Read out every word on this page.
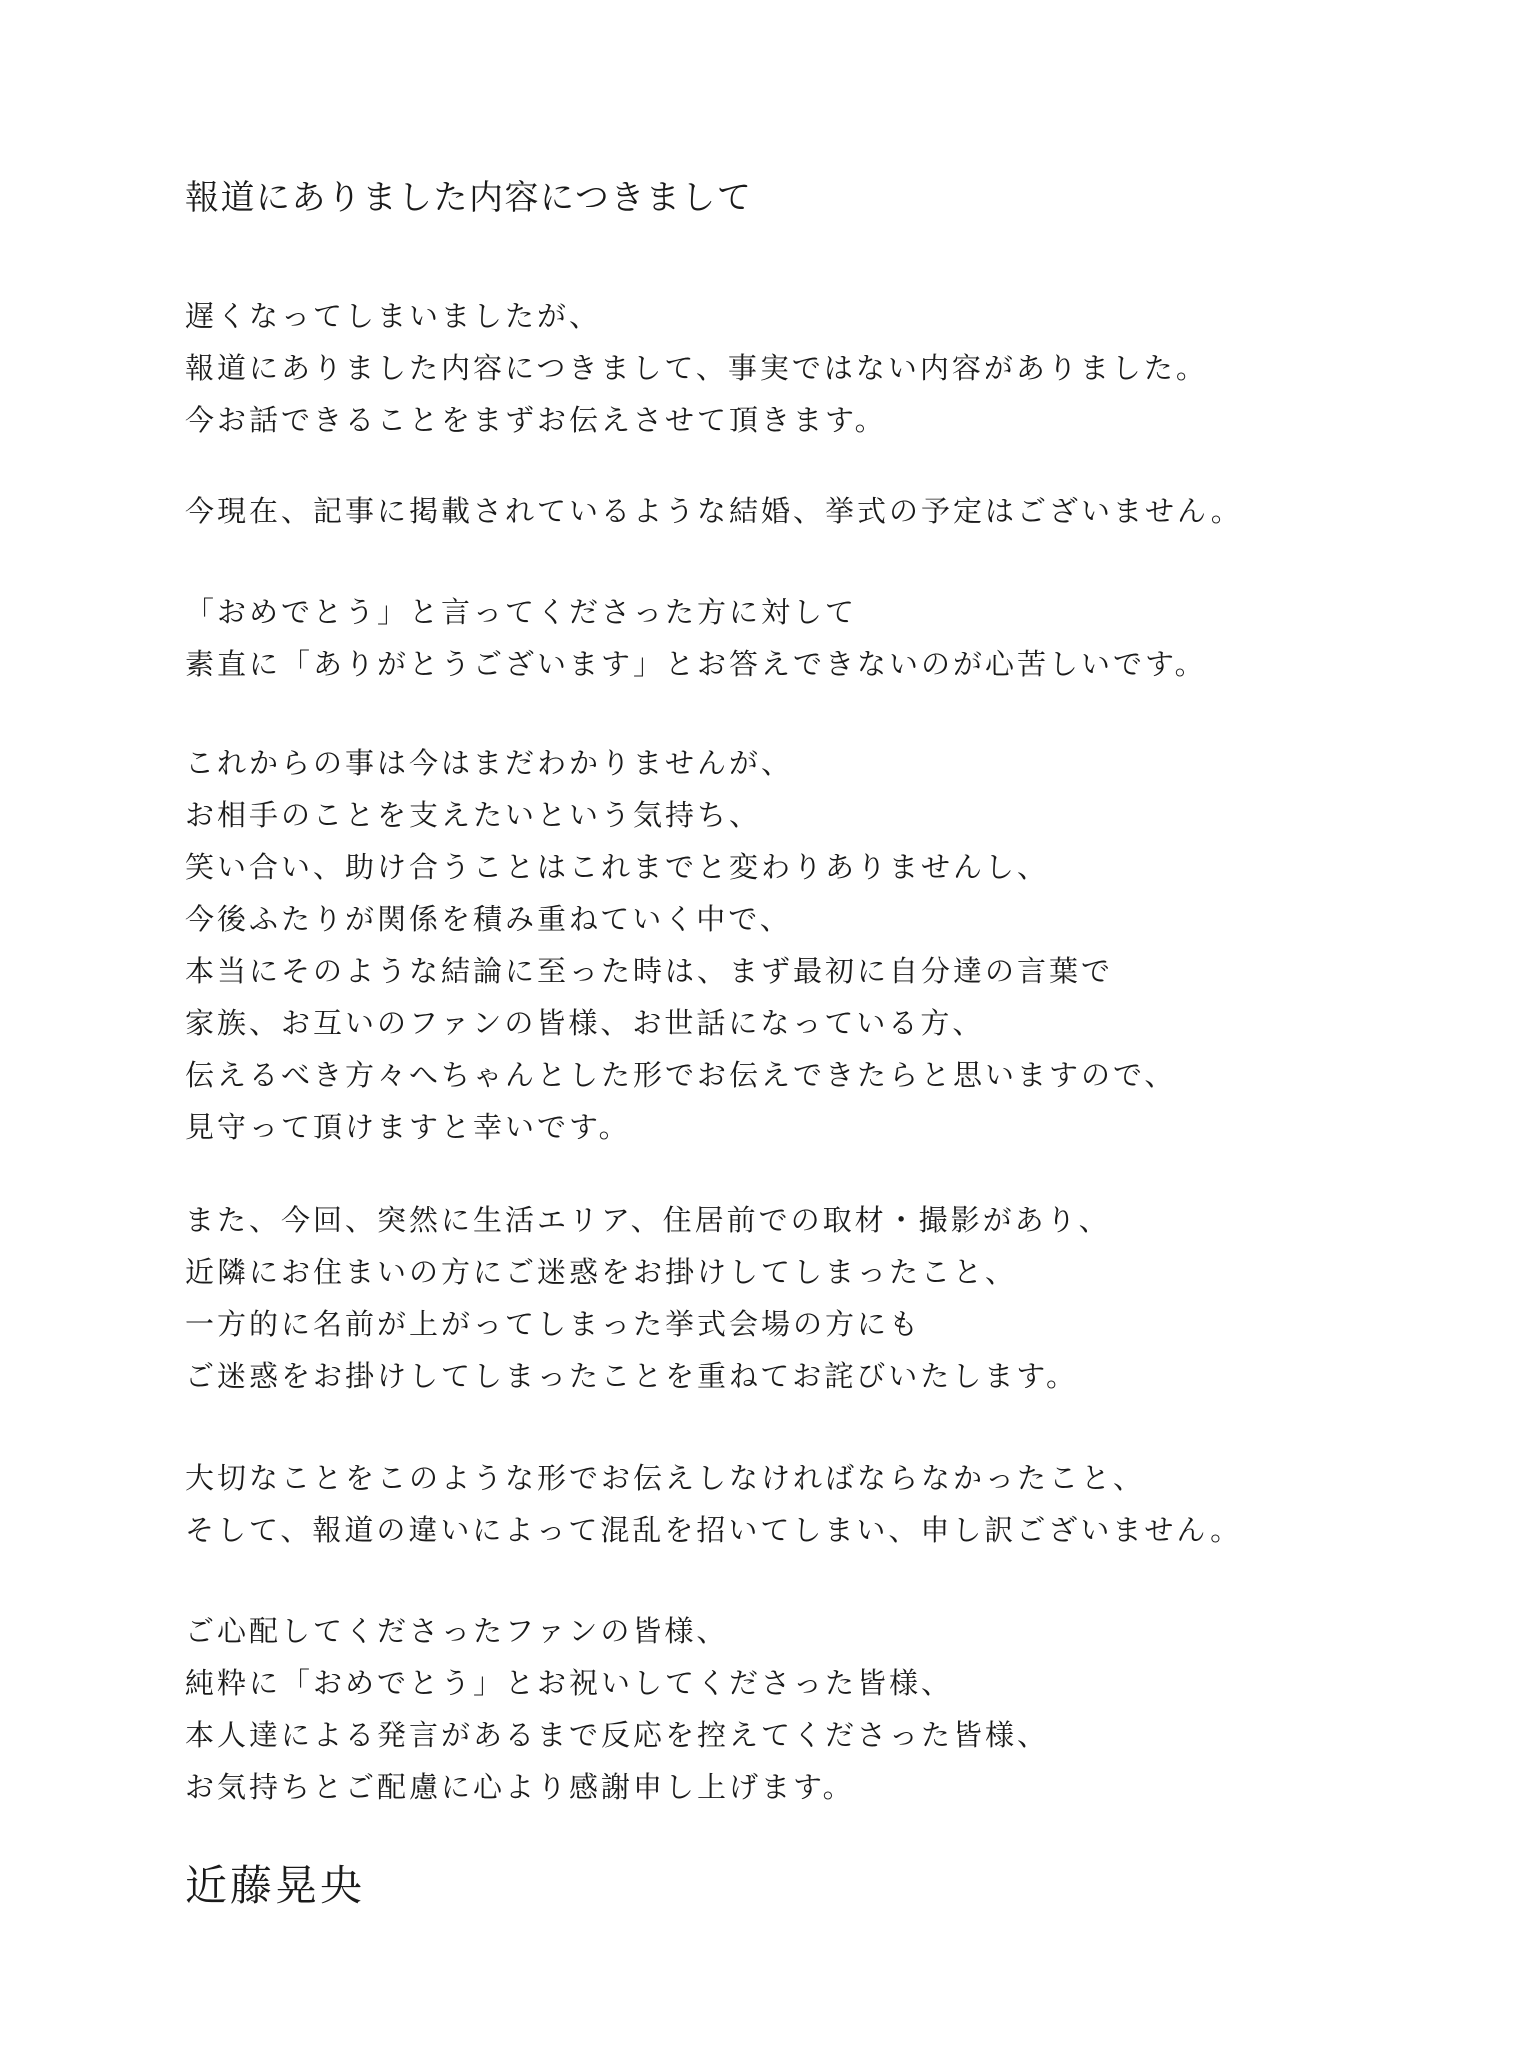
報道にありました内容につきまして
遅くなってしまいましたが、
報道にありました内容につきまして、事実ではない内容がありました。
今お話できることをまずお伝えさせて頂きます。
今現在、記事に掲載されているような結婚、挙式の予定はございません。
「おめでとう」と言ってくださった方に対して
素直に「ありがとうございます」とお答えできないのが心苦しいです。
これからの事は今はまだわかりませんが、
お相手のことを支えたいという気持ち、
笑い合い、助け合うことはこれまでと変わりありませんし、
今後ふたりが関係を積み重ねていく中で、
本当にそのような結論に至った時は、まず最初に自分達の言葉で
家族、お互いのファンの皆様、お世話になっている方、
伝えるべき方々へちゃんとした形でお伝えできたらと思いますので、
見守って頂けますと幸いです。
また、今回、突然に生活エリア、住居前での取材・撮影があり、
近隣にお住まいの方にご迷惑をお掛けしてしまったこと、
一方的に名前が上がってしまった挙式会場の方にも
ご迷惑をお掛けしてしまったことを重ねてお詫びいたします。
大切なことをこのような形でお伝えしなければならなかったこと、
そして、報道の違いによって混乱を招いてしまい、申し訳ございません。
ご心配してくださったファンの皆様、
純粋に「おめでとう」とお祝いしてくださった皆様、
本人達による発言があるまで反応を控えてくださった皆様、
お気持ちとご配慮に心より感謝申し上げます。
近藤晃央
